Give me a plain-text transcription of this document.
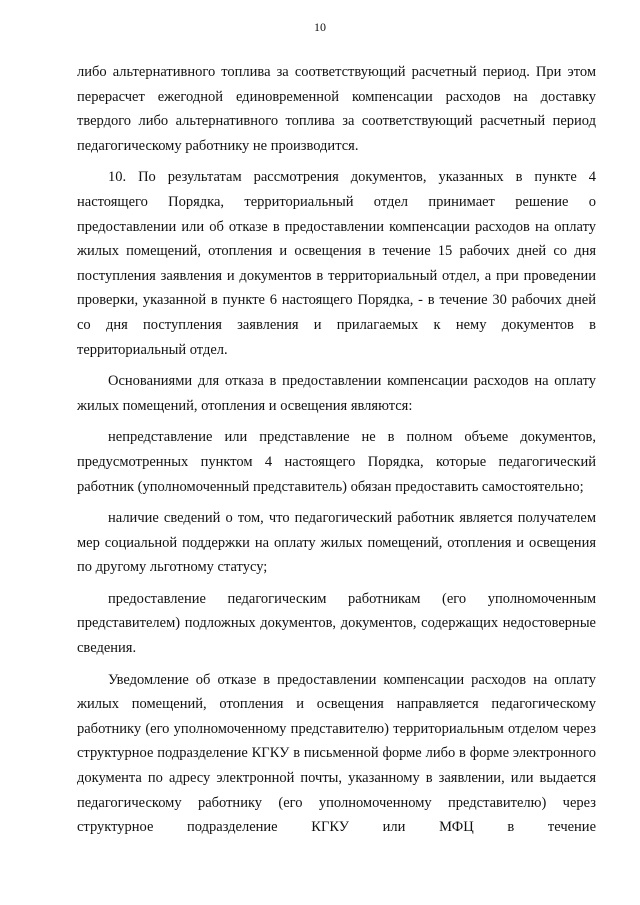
10

либо альтернативного топлива за соответствующий расчетный период. При этом перерасчет ежегодной единовременной компенсации расходов на доставку твердого либо альтернативного топлива за соответствующий расчетный период педагогическому работнику не производится.

10. По результатам рассмотрения документов, указанных в пункте 4 настоящего Порядка, территориальный отдел принимает решение о предоставлении или об отказе в предоставлении компенсации расходов на оплату жилых помещений, отопления и освещения в течение 15 рабочих дней со дня поступления заявления и документов в территориальный отдел, а при проведении проверки, указанной в пункте 6 настоящего Порядка, - в течение 30 рабочих дней со дня поступления заявления и прилагаемых к нему документов в территориальный отдел.

Основаниями для отказа в предоставлении компенсации расходов на оплату жилых помещений, отопления и освещения являются:

непредставление или представление не в полном объеме документов, предусмотренных пунктом 4 настоящего Порядка, которые педагогический работник (уполномоченный представитель) обязан предоставить самостоятельно;

наличие сведений о том, что педагогический работник является получателем мер социальной поддержки на оплату жилых помещений, отопления и освещения по другому льготному статусу;

предоставление педагогическим работникам (его уполномоченным представителем) подложных документов, документов, содержащих недостоверные сведения.

Уведомление об отказе в предоставлении компенсации расходов на оплату жилых помещений, отопления и освещения направляется педагогическому работнику (его уполномоченному представителю) территориальным отделом через структурное подразделение КГКУ в письменной форме либо в форме электронного документа по адресу электронной почты, указанному в заявлении, или выдается педагогическому работнику (его уполномоченному представителю) через структурное подразделение КГКУ или МФЦ в течение
